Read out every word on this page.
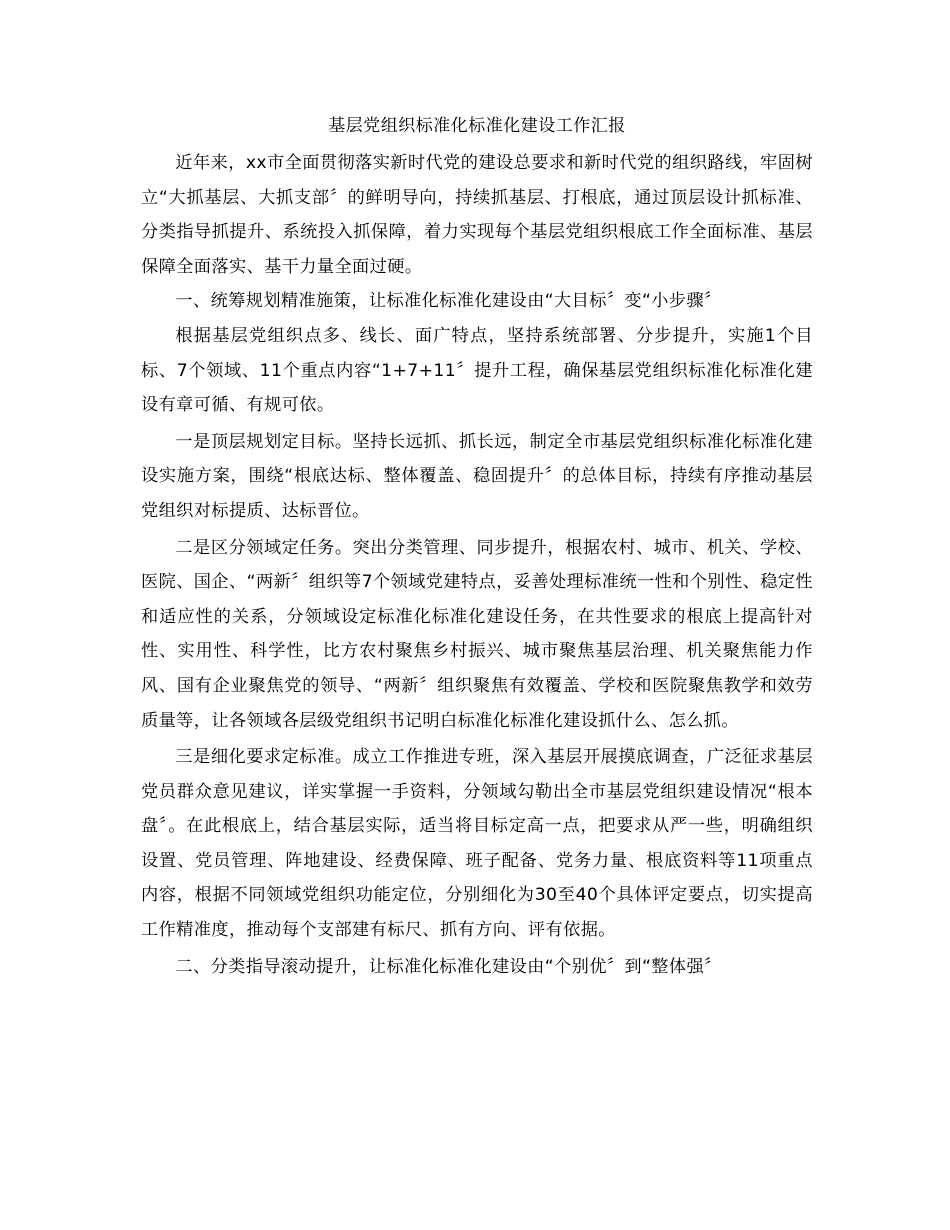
基层党组织标准化标准化建设工作汇报

近年来，xx市全面贯彻落实新时代党的建设总要求和新时代党的组织路线，牢固树立“大抓基层、大抓支部〞的鲜明导向，持续抓基层、打根底，通过顶层设计抓标准、分类指导抓提升、系统投入抓保障，着力实现每个基层党组织根底工作全面标准、基层保障全面落实、基干力量全面过硬。

一、统筹规划精准施策，让标准化标准化建设由“大目标〞变“小步骤〞

根据基层党组织点多、线长、面广特点，坚持系统部署、分步提升，实施1个目标、7个领域、11个重点内容“1+7+11〞提升工程，确保基层党组织标准化标准化建设有章可循、有规可依。

一是顶层规划定目标。坚持长远抓、抓长远，制定全市基层党组织标准化标准化建设实施方案，围绕“根底达标、整体覆盖、稳固提升〞的总体目标，持续有序推动基层党组织对标提质、达标晋位。

二是区分领域定任务。突出分类管理、同步提升，根据农村、城市、机关、学校、医院、国企、“两新〞组织等7个领域党建特点，妥善处理标准统一性和个别性、稳定性和适应性的关系，分领域设定标准化标准化建设任务，在共性要求的根底上提高针对性、实用性、科学性，比方农村聚焦乡村振兴、城市聚焦基层治理、机关聚焦能力作风、国有企业聚焦党的领导、“两新〞组织聚焦有效覆盖、学校和医院聚焦教学和效劳质量等，让各领域各层级党组织书记明白标准化标准化建设抓什么、怎么抓。

三是细化要求定标准。成立工作推进专班，深入基层开展摸底调查，广泛征求基层党员群众意见建议，详实掌握一手资料，分领域勾勒出全市基层党组织建设情况“根本盘〞。在此根底上，结合基层实际，适当将目标定高一点，把要求从严一些，明确组织设置、党员管理、阵地建设、经费保障、班子配备、党务力量、根底资料等11项重点内容，根据不同领域党组织功能定位，分别细化为30至40个具体评定要点，切实提高工作精准度，推动每个支部建有标尺、抓有方向、评有依据。

二、分类指导滚动提升，让标准化标准化建设由“个别优〞到“整体强〞
